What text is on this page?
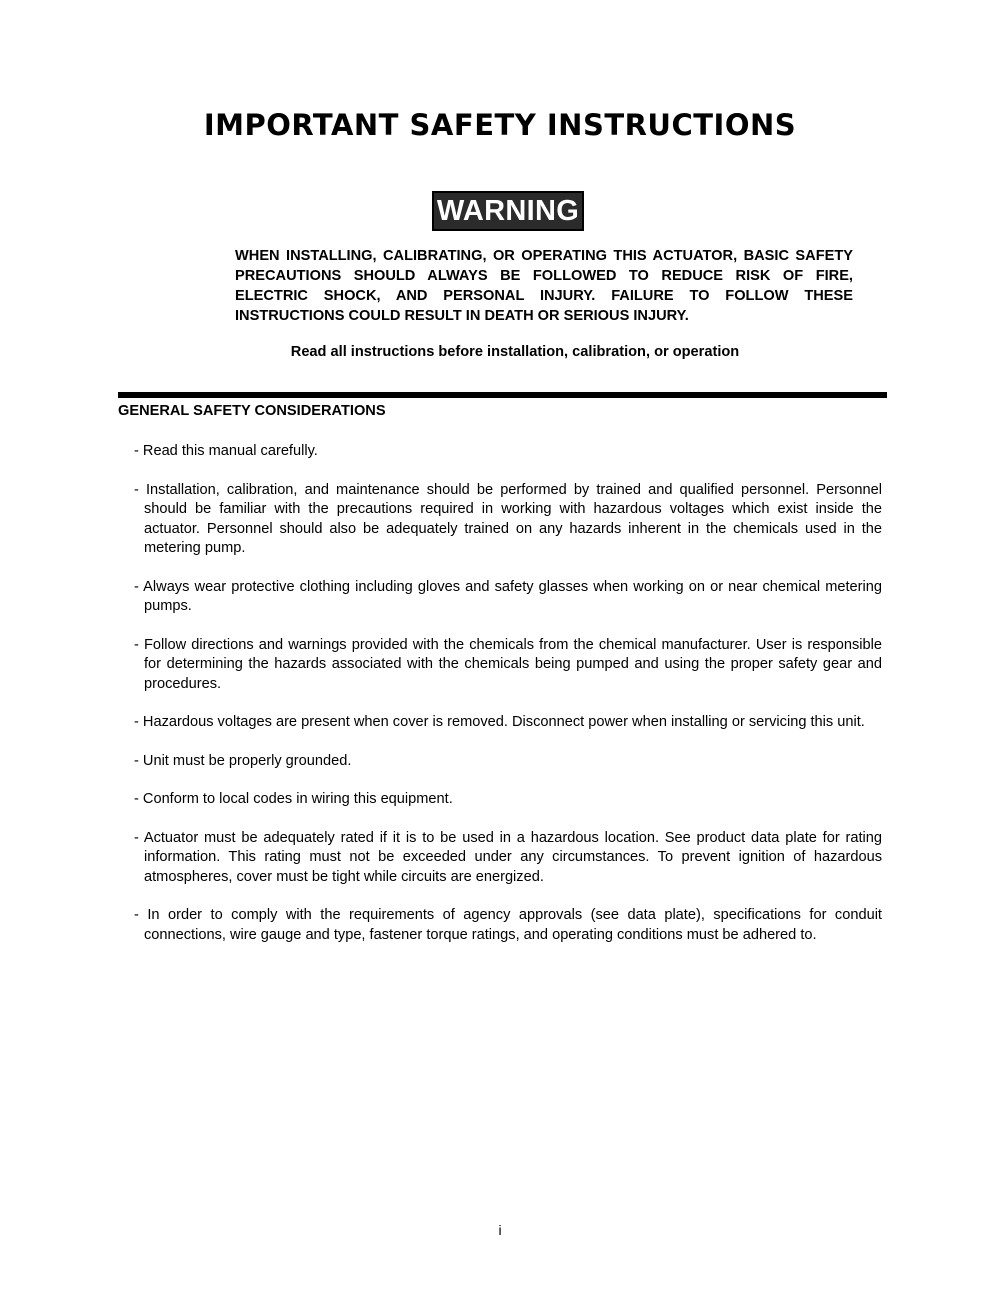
IMPORTANT SAFETY INSTRUCTIONS
WARNING

WHEN INSTALLING, CALIBRATING, OR OPERATING THIS ACTUATOR, BASIC SAFETY PRECAUTIONS SHOULD ALWAYS BE FOLLOWED TO REDUCE RISK OF FIRE, ELECTRIC SHOCK, AND PERSONAL INJURY. FAILURE TO FOLLOW THESE INSTRUCTIONS COULD RESULT IN DEATH OR SERIOUS INJURY.

Read all instructions before installation, calibration, or operation

GENERAL SAFETY CONSIDERATIONS
- Read this manual carefully.
- Installation, calibration, and maintenance should be performed by trained and qualified personnel. Personnel should be familiar with the precautions required in working with hazardous voltages which exist inside the actuator. Personnel should also be adequately trained on any hazards inherent in the chemicals used in the metering pump.
- Always wear protective clothing including gloves and safety glasses when working on or near chemical metering pumps.
- Follow directions and warnings provided with the chemicals from the chemical manufacturer. User is responsible for determining the hazards associated with the chemicals being pumped and using the proper safety gear and procedures.
- Hazardous voltages are present when cover is removed. Disconnect power when installing or servicing this unit.
- Unit must be properly grounded.
- Conform to local codes in wiring this equipment.
- Actuator must be adequately rated if it is to be used in a hazardous location. See product data plate for rating information. This rating must not be exceeded under any circumstances. To prevent ignition of hazardous atmospheres, cover must be tight while circuits are energized.
- In order to comply with the requirements of agency approvals (see data plate), specifications for conduit connections, wire gauge and type, fastener torque ratings, and operating conditions must be adhered to.

i
